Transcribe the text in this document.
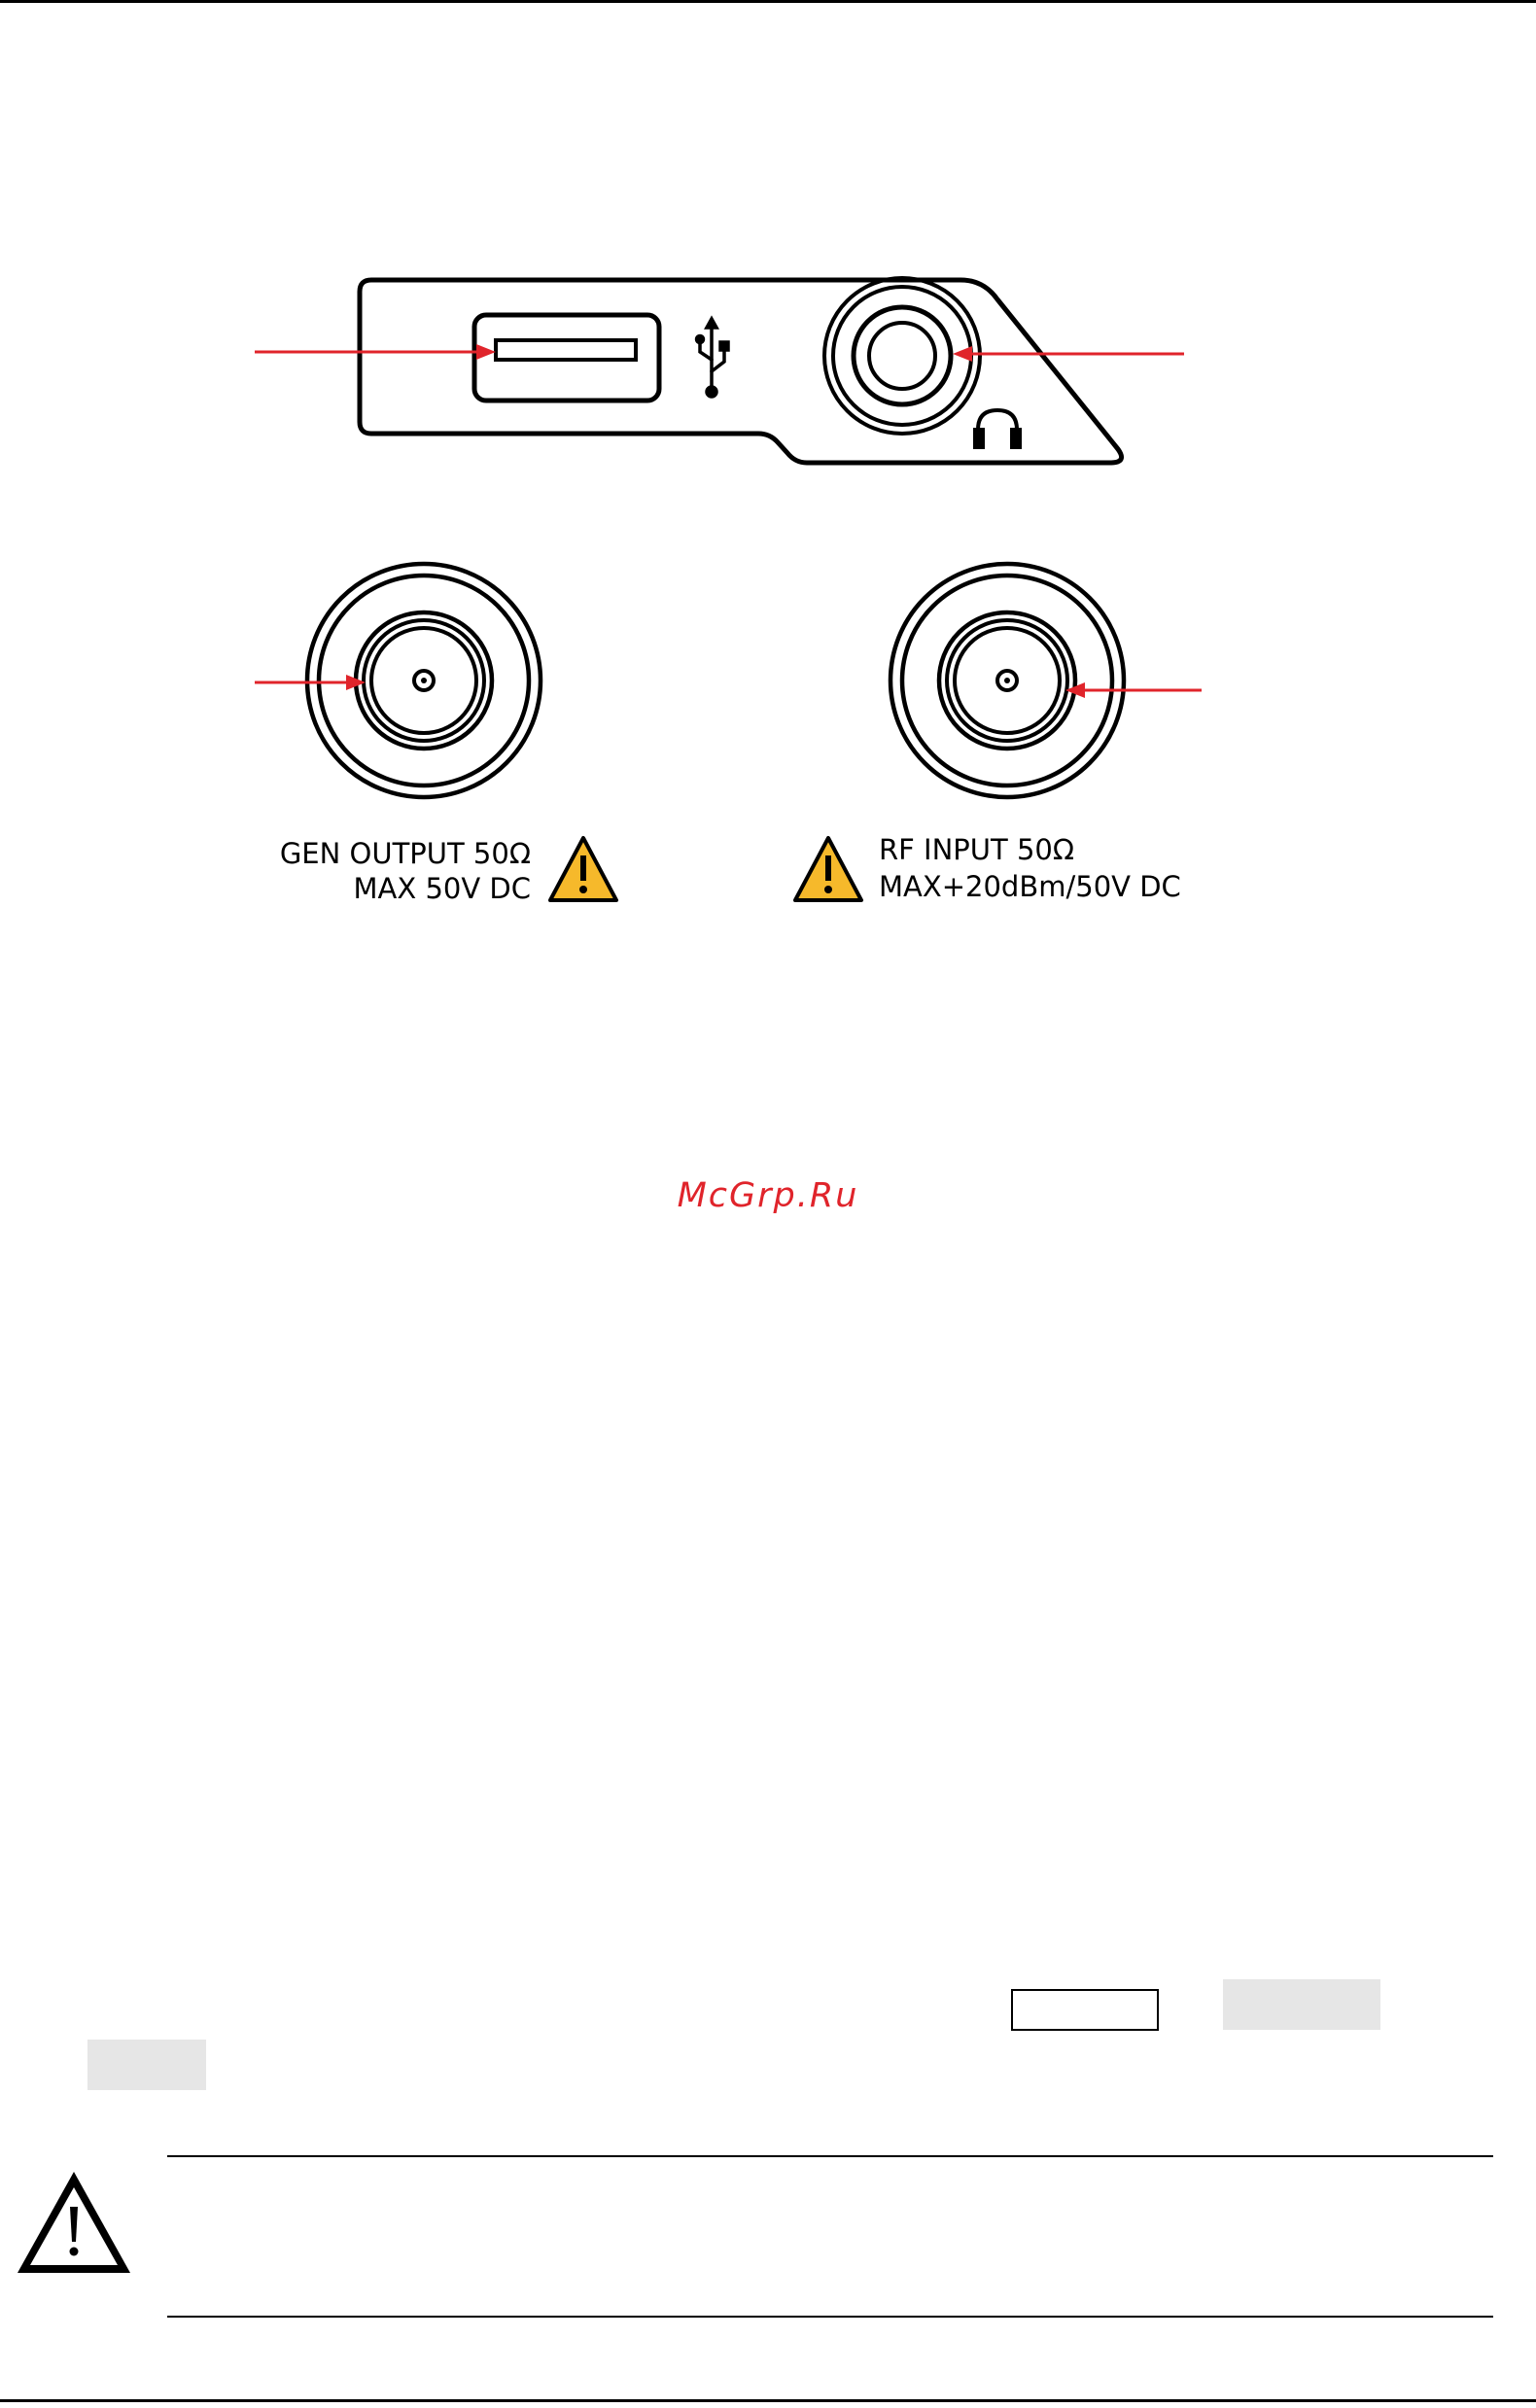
GEN OUTPUT 50Ω
MAX 50V DC
RF INPUT 50Ω
MAX+20dBm/50V DC
McGrp.Ru
